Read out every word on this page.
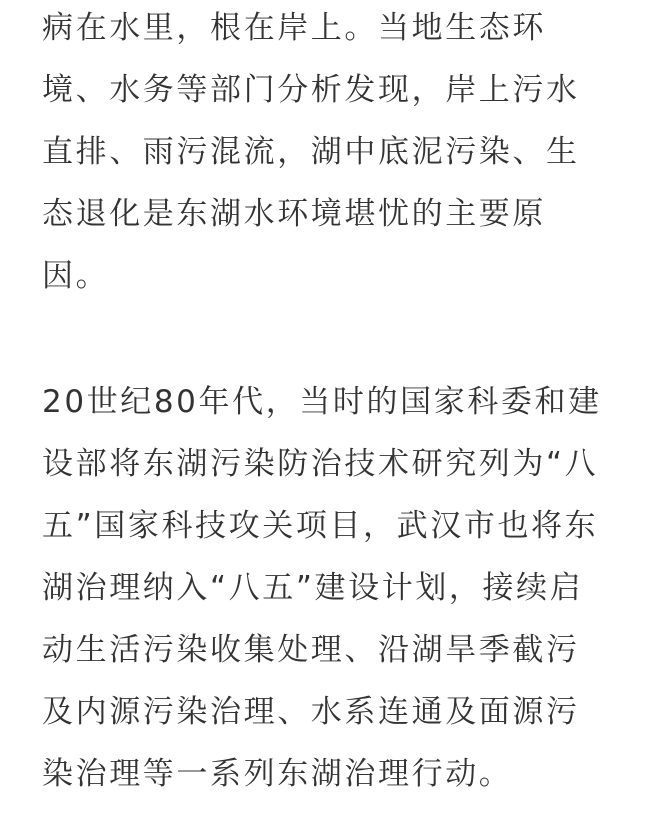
病在水里，根在岸上。当地生态环
境、水务等部门分析发现，岸上污水
直排、雨污混流，湖中底泥污染、生
态退化是东湖水环境堪忧的主要原
因。
20世纪80年代，当时的国家科委和建
设部将东湖污染防治技术研究列为“八
五”国家科技攻关项目，武汉市也将东
湖治理纳入“八五”建设计划，接续启
动生活污染收集处理、沿湖旱季截污
及内源污染治理、水系连通及面源污
染治理等一系列东湖治理行动。
